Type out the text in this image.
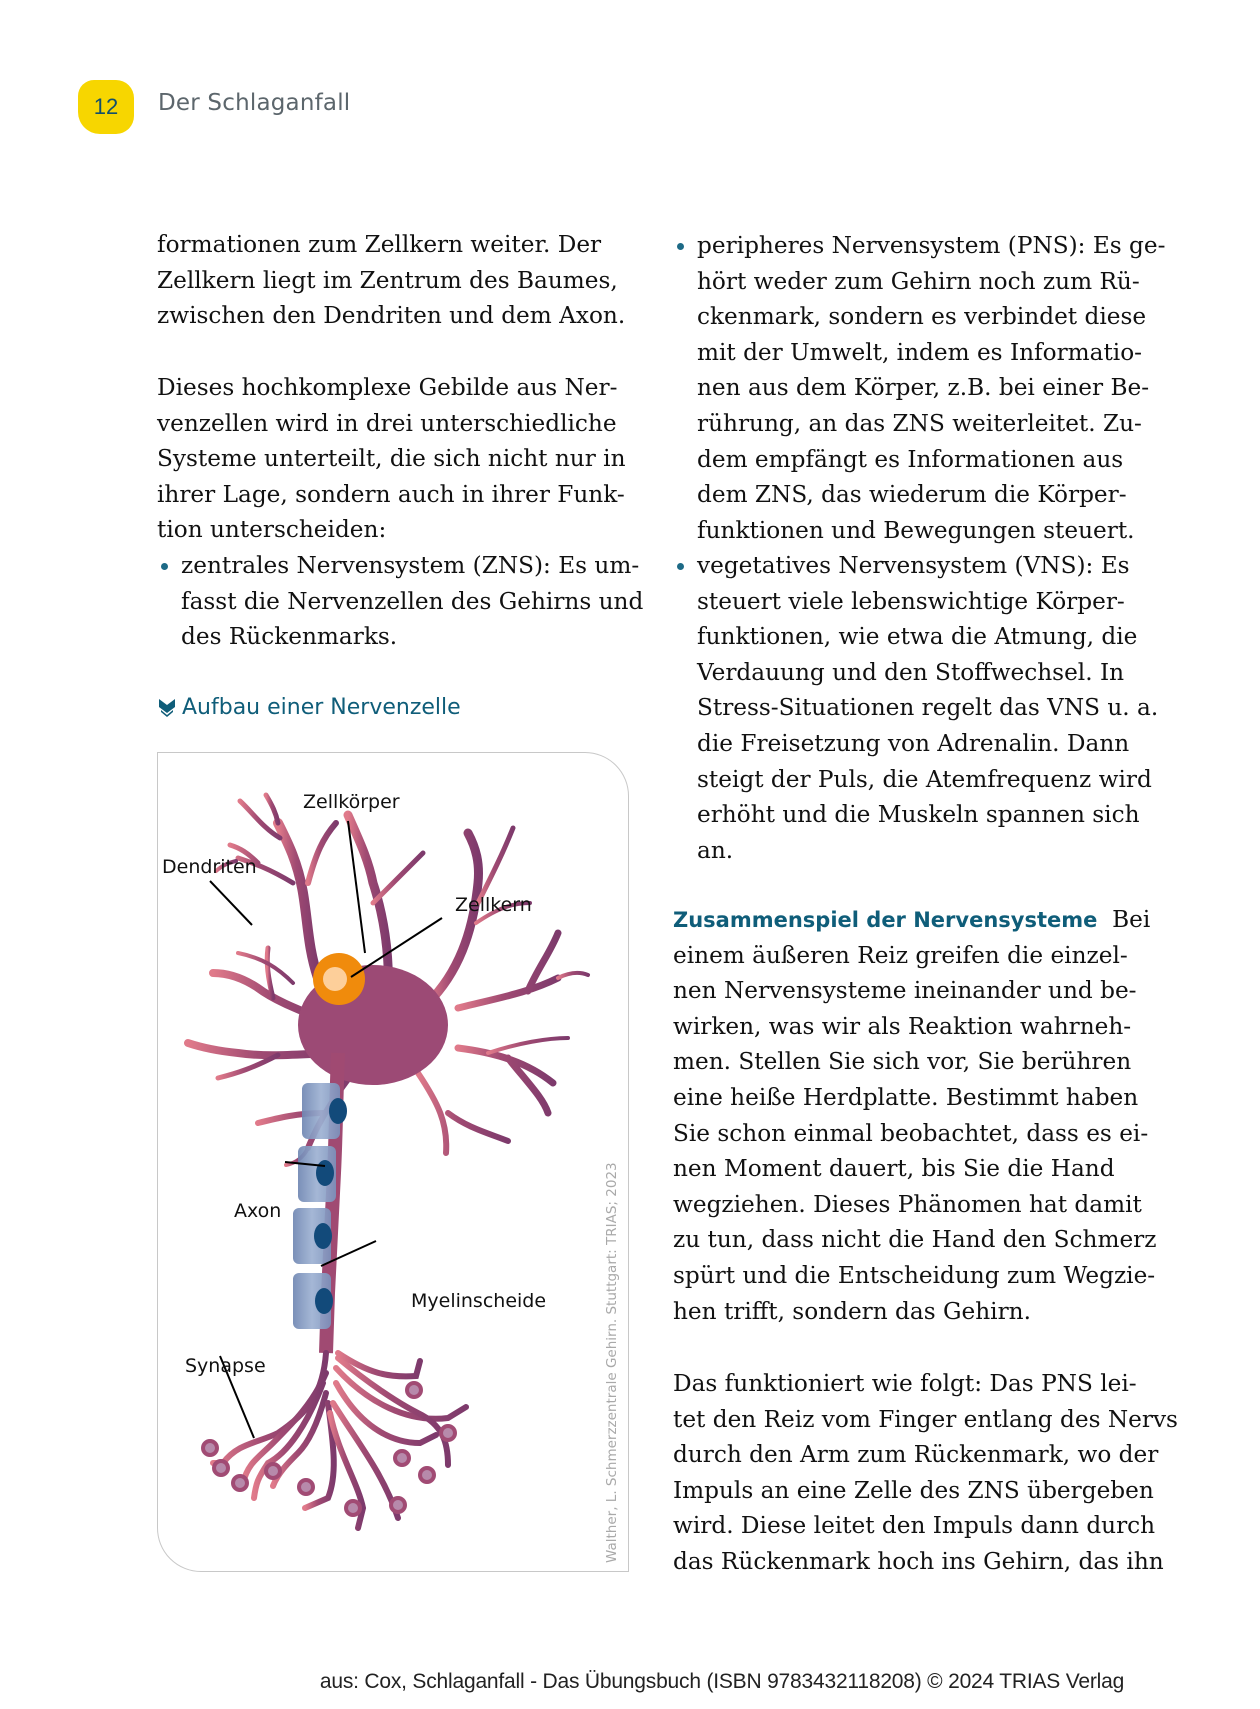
12 Der Schlaganfall
formationen zum Zellkern weiter. Der
Zellkern liegt im Zentrum des Baumes,
zwischen den Dendriten und dem Axon.
Dieses hochkomplexe Gebilde aus Ner-
venzellen wird in drei unterschiedliche
Systeme unterteilt, die sich nicht nur in
ihrer Lage, sondern auch in ihrer Funk-
tion unterscheiden:
zentrales Nervensystem (ZNS): Es um-
fasst die Nervenzellen des Gehirns und
des Rückenmarks.
Aufbau einer Nervenzelle
Zellkörper
Dendriten
Zellkern
Axon
Myelinscheide
Synapse	Walther, L. Schmerzzentrale Gehirn. Stuttgart: TRIAS; 2023
peripheres Nervensystem (PNS): Es ge-
hört weder zum Gehirn noch zum Rü-
ckenmark, sondern es verbindet diese
mit der Umwelt, indem es Informatio-
nen aus dem Körper, z.B. bei einer Be-
rührung, an das ZNS weiterleitet. Zu-
dem empfängt es Informationen aus
dem ZNS, das wiederum die Körper-
funktionen und Bewegungen steuert.
vegetatives Nervensystem (VNS): Es
steuert viele lebenswichtige Körper-
funktionen, wie etwa die Atmung, die
Verdauung und den Stoffwechsel. In
Stress-Situationen regelt das VNS u. a.
die Freisetzung von Adrenalin. Dann
steigt der Puls, die Atemfrequenz wird
erhöht und die Muskeln spannen sich
an.
Zusammenspiel der Nervensysteme Bei
einem äußeren Reiz greifen die einzel-
nen Nervensysteme ineinander und be-
wirken, was wir als Reaktion wahrneh-
men. Stellen Sie sich vor, Sie berühren
eine heiße Herdplatte. Bestimmt haben
Sie schon einmal beobachtet, dass es ei-
nen Moment dauert, bis Sie die Hand
wegziehen. Dieses Phänomen hat damit
zu tun, dass nicht die Hand den Schmerz
spürt und die Entscheidung zum Wegzie-
hen trifft, sondern das Gehirn.
Das funktioniert wie folgt: Das PNS lei-
tet den Reiz vom Finger entlang des Nervs
durch den Arm zum Rückenmark, wo der
Impuls an eine Zelle des ZNS übergeben
wird. Diese leitet den Impuls dann durch
das Rückenmark hoch ins Gehirn, das ihn
aus: Cox, Schlaganfall - Das Übungsbuch (ISBN 9783432118208) © 2024 TRIAS Verlag
